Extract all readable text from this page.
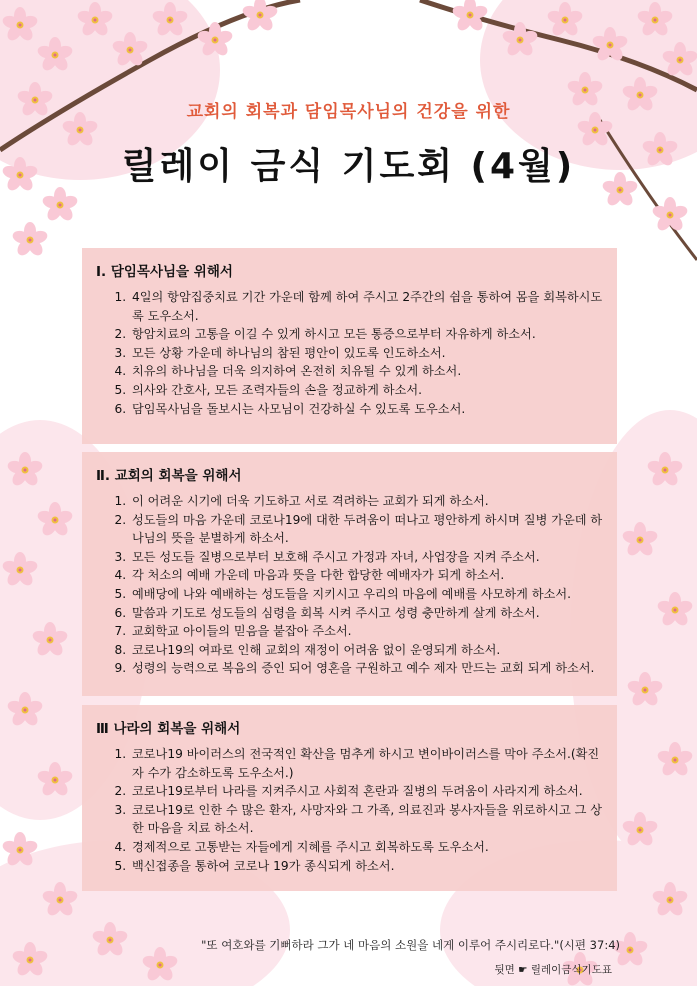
교회의 회복과 담임목사님의 건강을 위한
릴레이 금식 기도회 (4월)
Ⅰ. 담임목사님을 위해서
1. 4일의 항암집중치료 기간 가운데 함께 하여 주시고 2주간의 쉼을 통하여 몸을 회복하시도록 도우소서.
2. 항암치료의 고통을 이길 수 있게 하시고 모든 통증으로부터 자유하게 하소서.
3. 모든 상황 가운데 하나님의 참된 평안이 있도록 인도하소서.
4. 치유의 하나님을 더욱 의지하여 온전히 치유될 수 있게 하소서.
5. 의사와 간호사, 모든 조력자들의 손을 정교하게 하소서.
6. 담임목사님을 돌보시는 사모님이 건강하실 수 있도록 도우소서.
Ⅱ. 교회의 회복을 위해서
1. 이 어려운 시기에 더욱 기도하고 서로 격려하는 교회가 되게 하소서.
2. 성도들의 마음 가운데 코로나19에 대한 두려움이 떠나고 평안하게 하시며 질병 가운데 하나님의 뜻을 분별하게 하소서.
3. 모든 성도들 질병으로부터 보호해 주시고 가정과 자녀, 사업장을 지켜 주소서.
4. 각 처소의 예배 가운데 마음과 뜻을 다한 합당한 예배자가 되게 하소서.
5. 예배당에 나와 예배하는 성도들을 지키시고 우리의 마음에 예배를 사모하게 하소서.
6. 말씀과 기도로 성도들의 심령을 회복 시켜 주시고 성령 충만하게 살게 하소서.
7. 교회학교 아이들의 믿음을 붙잡아 주소서.
8. 코로나19의 여파로 인해 교회의 재정이 어려움 없이 운영되게 하소서.
9. 성령의 능력으로 복음의 증인 되어 영혼을 구원하고 예수 제자 만드는 교회 되게 하소서.
Ⅲ 나라의 회복을 위해서
1. 코로나19 바이러스의 전국적인 확산을 멈추게 하시고 변이바이러스를 막아 주소서.(확진자 수가 감소하도록 도우소서.)
2. 코로나19로부터 나라를 지켜주시고 사회적 혼란과 질병의 두려움이 사라지게 하소서.
3. 코로나19로 인한 수 많은 환자, 사망자와 그 가족, 의료진과 봉사자들을 위로하시고 그 상한 마음을 치료 하소서.
4. 경제적으로 고통받는 자들에게 지혜를 주시고 회복하도록 도우소서.
5. 백신접종을 통하여 코로나 19가 종식되게 하소서.
"또 여호와를 기뻐하라 그가 네 마음의 소원을 네게 이루어 주시리로다."(시편 37:4)
뒷면 ☛ 릴레이금식기도표
